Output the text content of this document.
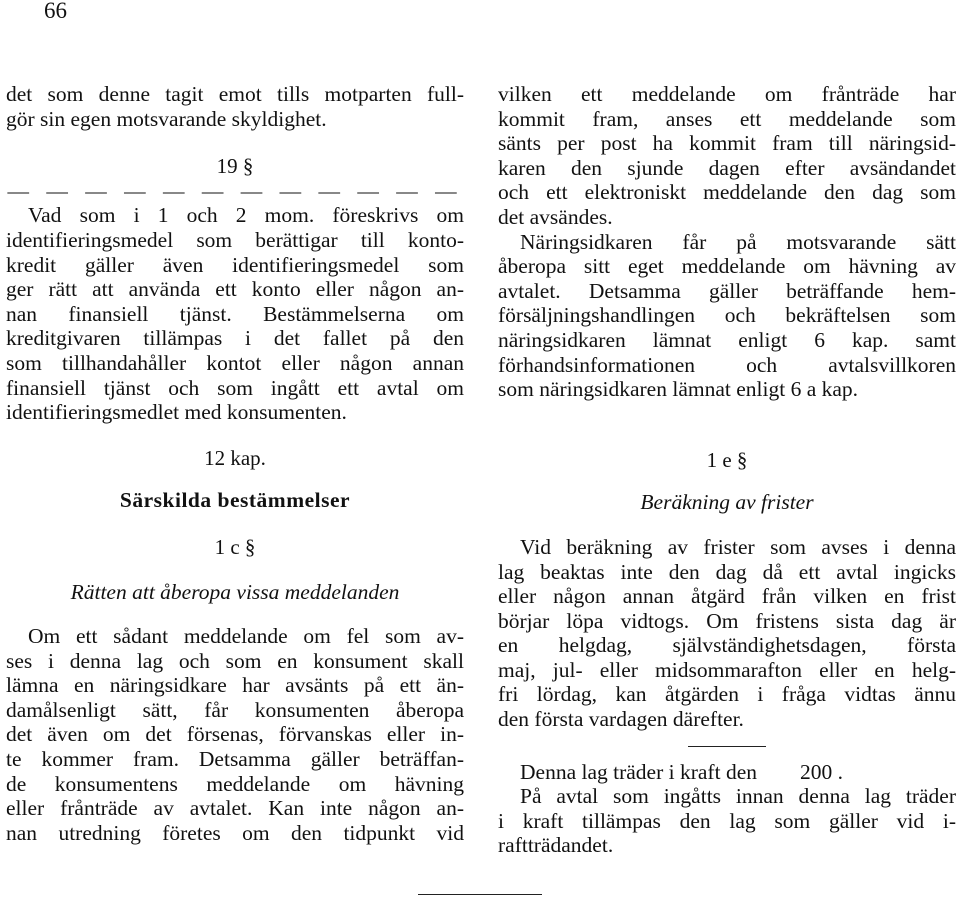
66
det som denne tagit emot tills motparten full-
gör sin egen motsvarande skyldighet.
19 §
— — — — — — — — — — — —
Vad som i 1 och 2 mom. föreskrivs om
identifieringsmedel som berättigar till konto-
kredit gäller även identifieringsmedel som
ger rätt att använda ett konto eller någon an-
nan finansiell tjänst. Bestämmelserna om
kreditgivaren tillämpas i det fallet på den
som tillhandahåller kontot eller någon annan
finansiell tjänst och som ingått ett avtal om
identifieringsmedlet med konsumenten.
12 kap.
Särskilda bestämmelser
1 c §
Rätten att åberopa vissa meddelanden
Om ett sådant meddelande om fel som av-
ses i denna lag och som en konsument skall
lämna en näringsidkare har avsänts på ett än-
damålsenligt sätt, får konsumenten åberopa
det även om det försenas, förvanskas eller in-
te kommer fram. Detsamma gäller beträffan-
de konsumentens meddelande om hävning
eller frånträde av avtalet. Kan inte någon an-
nan utredning företes om den tidpunkt vid
vilken ett meddelande om frånträde har
kommit fram, anses ett meddelande som
sänts per post ha kommit fram till näringsid-
karen den sjunde dagen efter avsändandet
och ett elektroniskt meddelande den dag som
det avsändes.
Näringsidkaren får på motsvarande sätt
åberopa sitt eget meddelande om hävning av
avtalet. Detsamma gäller beträffande hem-
försäljningshandlingen och bekräftelsen som
näringsidkaren lämnat enligt 6 kap. samt
förhandsinformationen och avtalsvillkoren
som näringsidkaren lämnat enligt 6 a kap.
1 e §
Beräkning av frister
Vid beräkning av frister som avses i denna
lag beaktas inte den dag då ett avtal ingicks
eller någon annan åtgärd från vilken en frist
börjar löpa vidtogs. Om fristens sista dag är
en helgdag, självständighetsdagen, första
maj, jul- eller midsommarafton eller en helg-
fri lördag, kan åtgärden i fråga vidtas ännu
den första vardagen därefter.
Denna lag träder i kraft den        200 .
På avtal som ingåtts innan denna lag träder
i kraft tillämpas den lag som gäller vid i-
raftträdandet.
